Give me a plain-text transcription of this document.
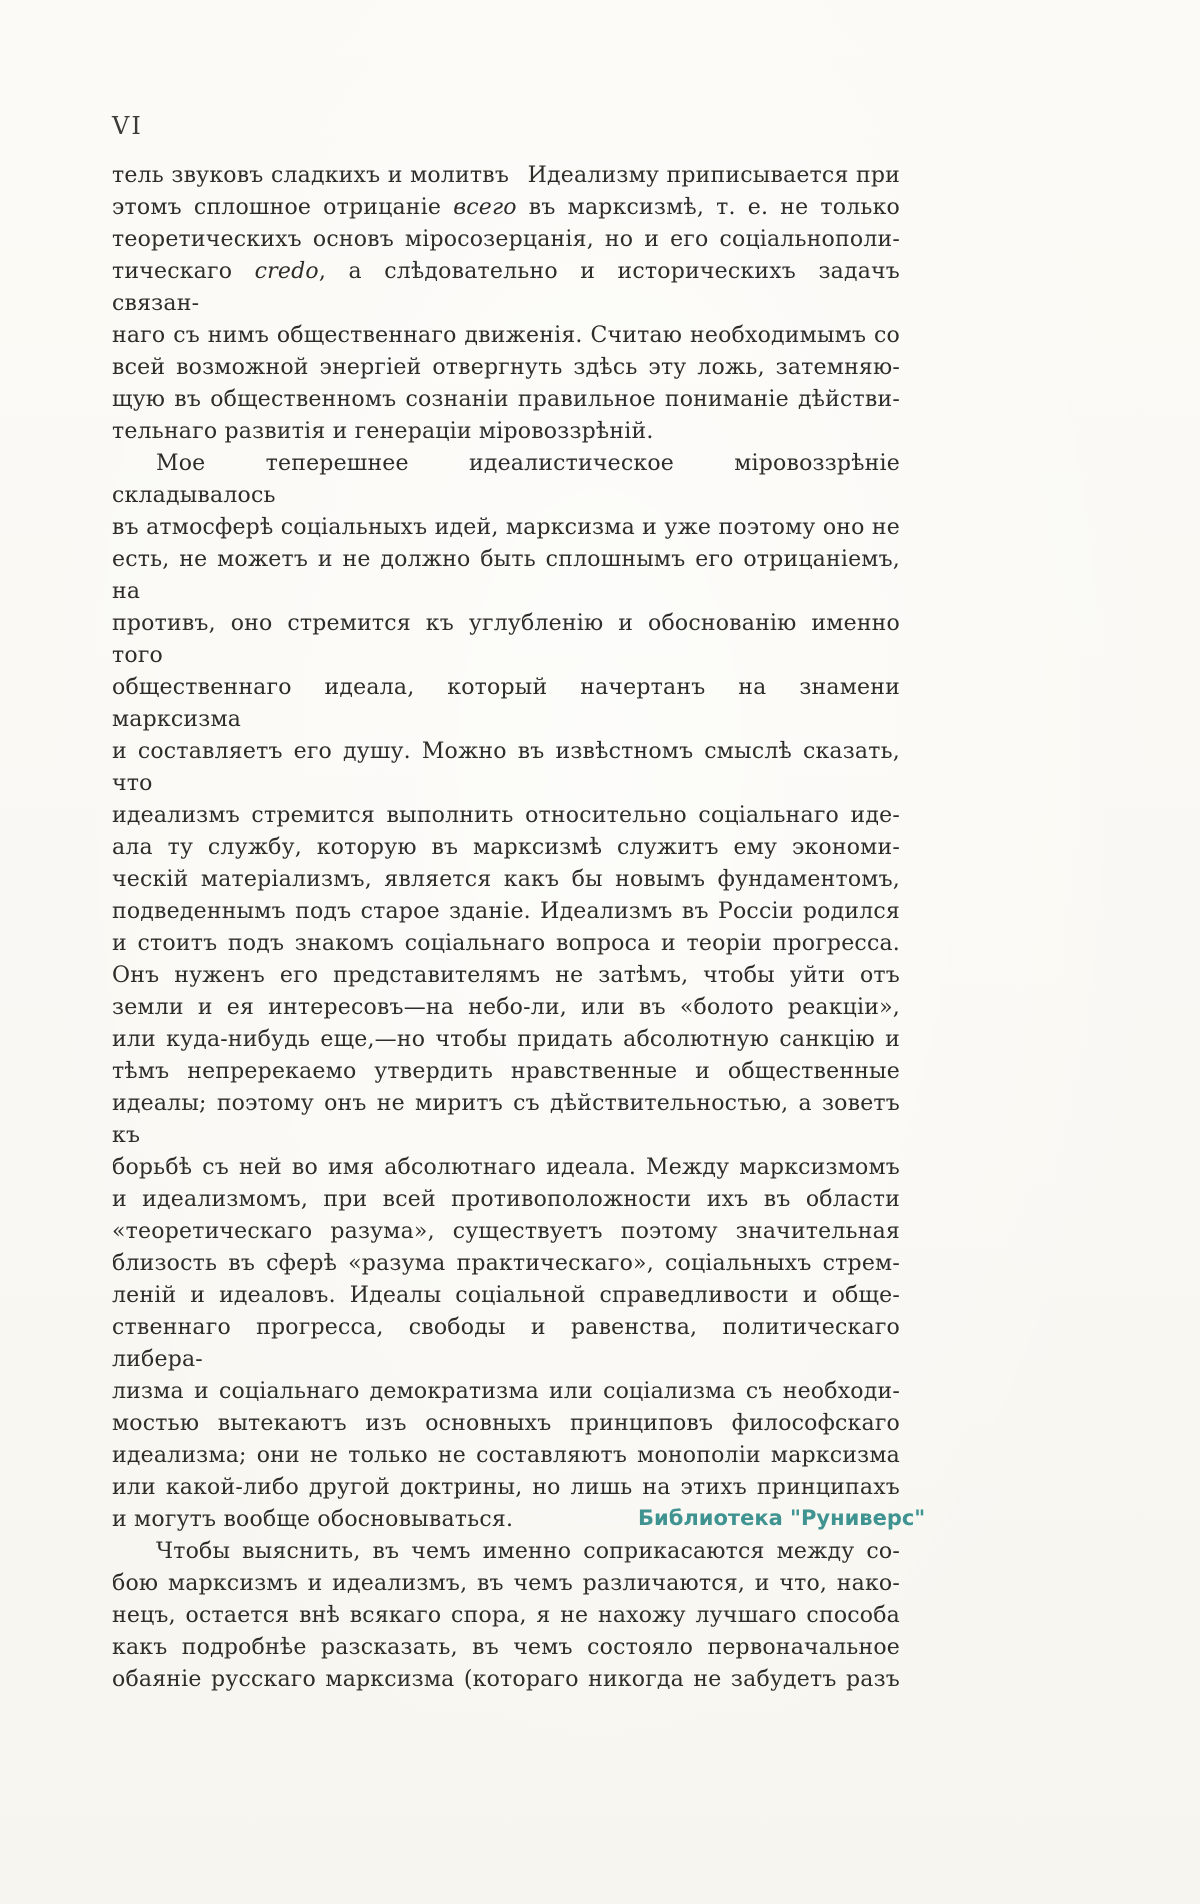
VI
тель звуковъ сладкихъ и молитвъ  Идеализму приписывается при
этомъ сплошное отрицаніе всего въ марксизмѣ, т. е. не только
теоретическихъ основъ міросозерцанія, но и его соціальнополи-
тическаго credo, а слѣдовательно и историческихъ задачъ связан-
наго съ нимъ общественнаго движенія. Считаю необходимымъ со
всей возможной энергіей отвергнуть здѣсь эту ложь, затемняю-
щую въ общественномъ сознаніи правильное пониманіе дѣйстви-
тельнаго развитія и генераціи міровоззрѣній.
Мое теперешнее идеалистическое міровоззрѣніе складывалось
въ атмосферѣ соціальныхъ идей, марксизма и уже поэтому оно не
есть, не можетъ и не должно быть сплошнымъ его отрицаніемъ, на
противъ, оно стремится къ углубленію и обоснованію именно того
общественнаго идеала, который начертанъ на знамени марксизма
и составляетъ его душу. Можно въ извѣстномъ смыслѣ сказать, что
идеализмъ стремится выполнить относительно соціальнаго иде-
ала ту службу, которую въ марксизмѣ служитъ ему экономи-
ческій матеріализмъ, является какъ бы новымъ фундаментомъ,
подведеннымъ подъ старое зданіе. Идеализмъ въ Россіи родился
и стоитъ подъ знакомъ соціальнаго вопроса и теоріи прогресса.
Онъ нуженъ его представителямъ не затѣмъ, чтобы уйти отъ
земли и ея интересовъ—на небо-ли, или въ «болото реакціи»,
или куда-нибудь еще,—но чтобы придать абсолютную санкцію и
тѣмъ непререкаемо утвердить нравственные и общественные
идеалы; поэтому онъ не миритъ съ дѣйствительностью, а зоветъ къ
борьбѣ съ ней во имя абсолютнаго идеала. Между марксизмомъ
и идеализмомъ, при всей противоположности ихъ въ области
«теоретическаго разума», существуетъ поэтому значительная
близость въ сферѣ «разума практическаго», соціальныхъ стрем-
леній и идеаловъ. Идеалы соціальной справедливости и обще-
ственнаго прогресса, свободы и равенства, политическаго либера-
лизма и соціальнаго демократизма или соціализма съ необходи-
мостью вытекаютъ изъ основныхъ принциповъ философскаго
идеализма; они не только не составляютъ монополіи марксизма
или какой-либо другой доктрины, но лишь на этихъ принципахъ
и могутъ вообще обосновываться.
Чтобы выяснить, въ чемъ именно соприкасаются между со-
бою марксизмъ и идеализмъ, въ чемъ различаются, и что, нако-
нецъ, остается внѣ всякаго спора, я не нахожу лучшаго способа
какъ подробнѣе разсказать, въ чемъ состояло первоначальное
обаяніе русскаго марксизма (котораго никогда не забудетъ разъ
Библиотека "Руниверс"
